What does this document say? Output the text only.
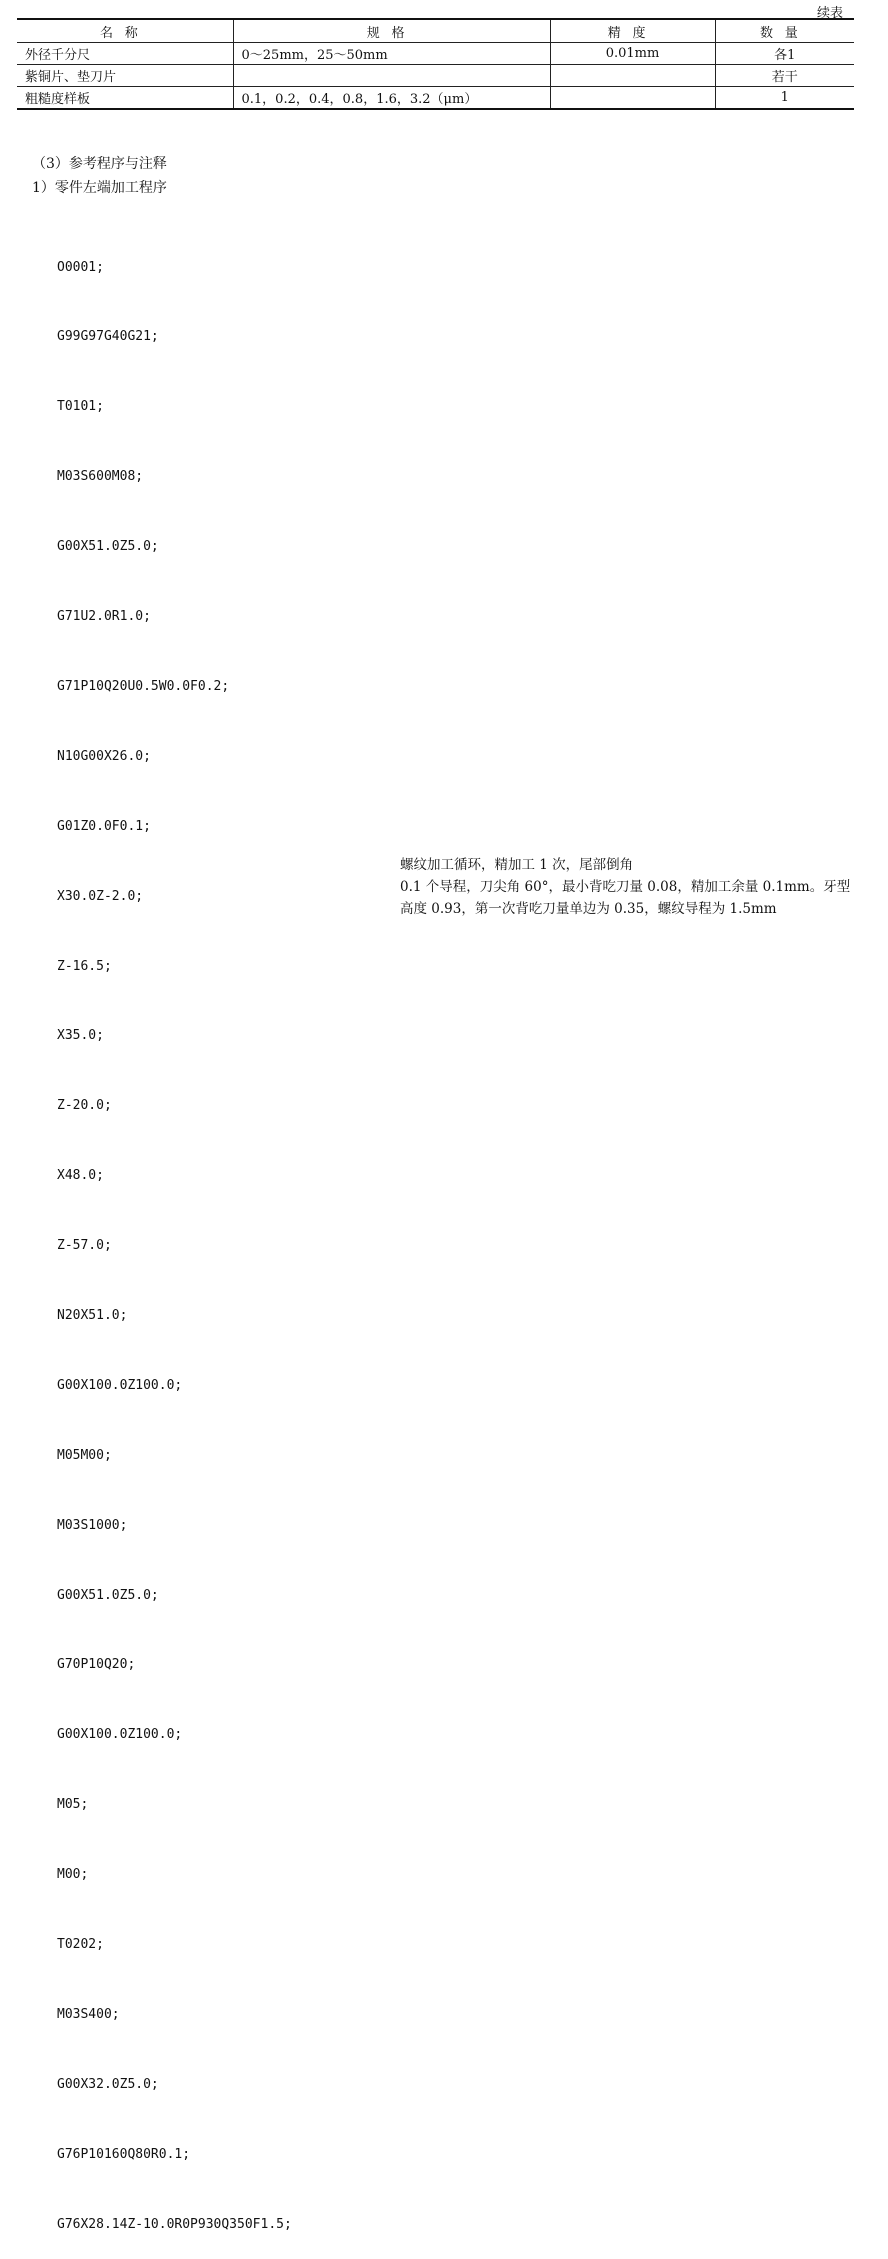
续表
名称	规格	精度	数量
外径千分尺	0～25mm，25～50mm	0.01mm	各1
紫铜片、垫刀片			若干
粗糙度样板	0.1，0.2，0.4，0.8，1.6，3.2（μm）		1
（3）参考程序与注释
1）零件左端加工程序

O0001;

G99G97G40G21;

T0101;

M03S600M08;

G00X51.0Z5.0;

G71U2.0R1.0;

G71P10Q20U0.5W0.0F0.2;

N10G00X26.0;

G01Z0.0F0.1;

X30.0Z-2.0;

Z-16.5;

X35.0;

Z-20.0;

X48.0;

Z-57.0;

N20X51.0;

G00X100.0Z100.0;

M05M00;

M03S1000;

G00X51.0Z5.0;

G70P10Q20;

G00X100.0Z100.0;

M05;

M00;

T0202;

M03S400;

G00X32.0Z5.0;

G76P10160Q80R0.1;

G76X28.14Z-10.0R0P930Q350F1.5;

螺纹加工循环，精加工 1 次，尾部倒角
0.1 个导程，刀尖角 60°，最小背吃刀量 0.08，精加工余量 0.1mm。牙型高度 0.93，第一次背吃刀量单边为 0.35，螺纹导程为 1.5mm
